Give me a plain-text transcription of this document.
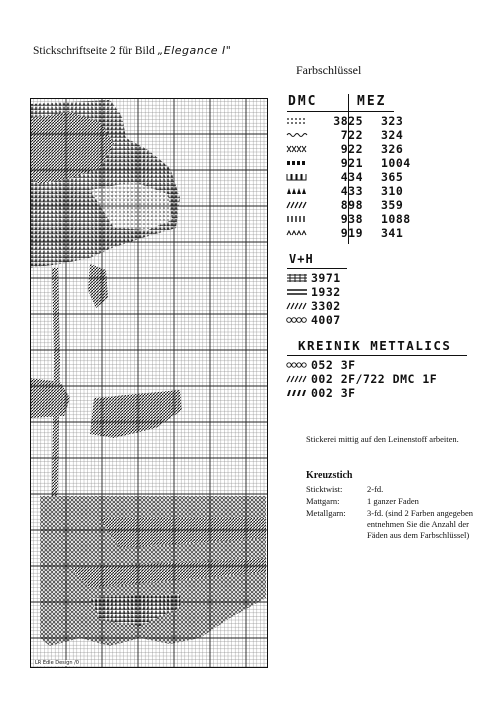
Stickschriftseite 2 für Bild „Elegance I"
Farbschlüssel
LR Edle Design /0
DMC	MEZ
3825 323
722 324
922 326
921 1004
434 365
433 310
898 359
938 1088
919 341
V+H
3971
1932
3302
4007
KREINIK METTALICS
052 3F
002 2F/722 DMC 1F
002 3F
Stickerei mittig auf den Leinenstoff arbeiten.
Kreuzstich
Sticktwist:	2-fd.
Mattgarn:	1 ganzer Faden
Metallgarn:	3-fd. (sind 2 Farben angegeben entnehmen Sie die Anzahl der Fäden aus dem Farbschlüssel)
